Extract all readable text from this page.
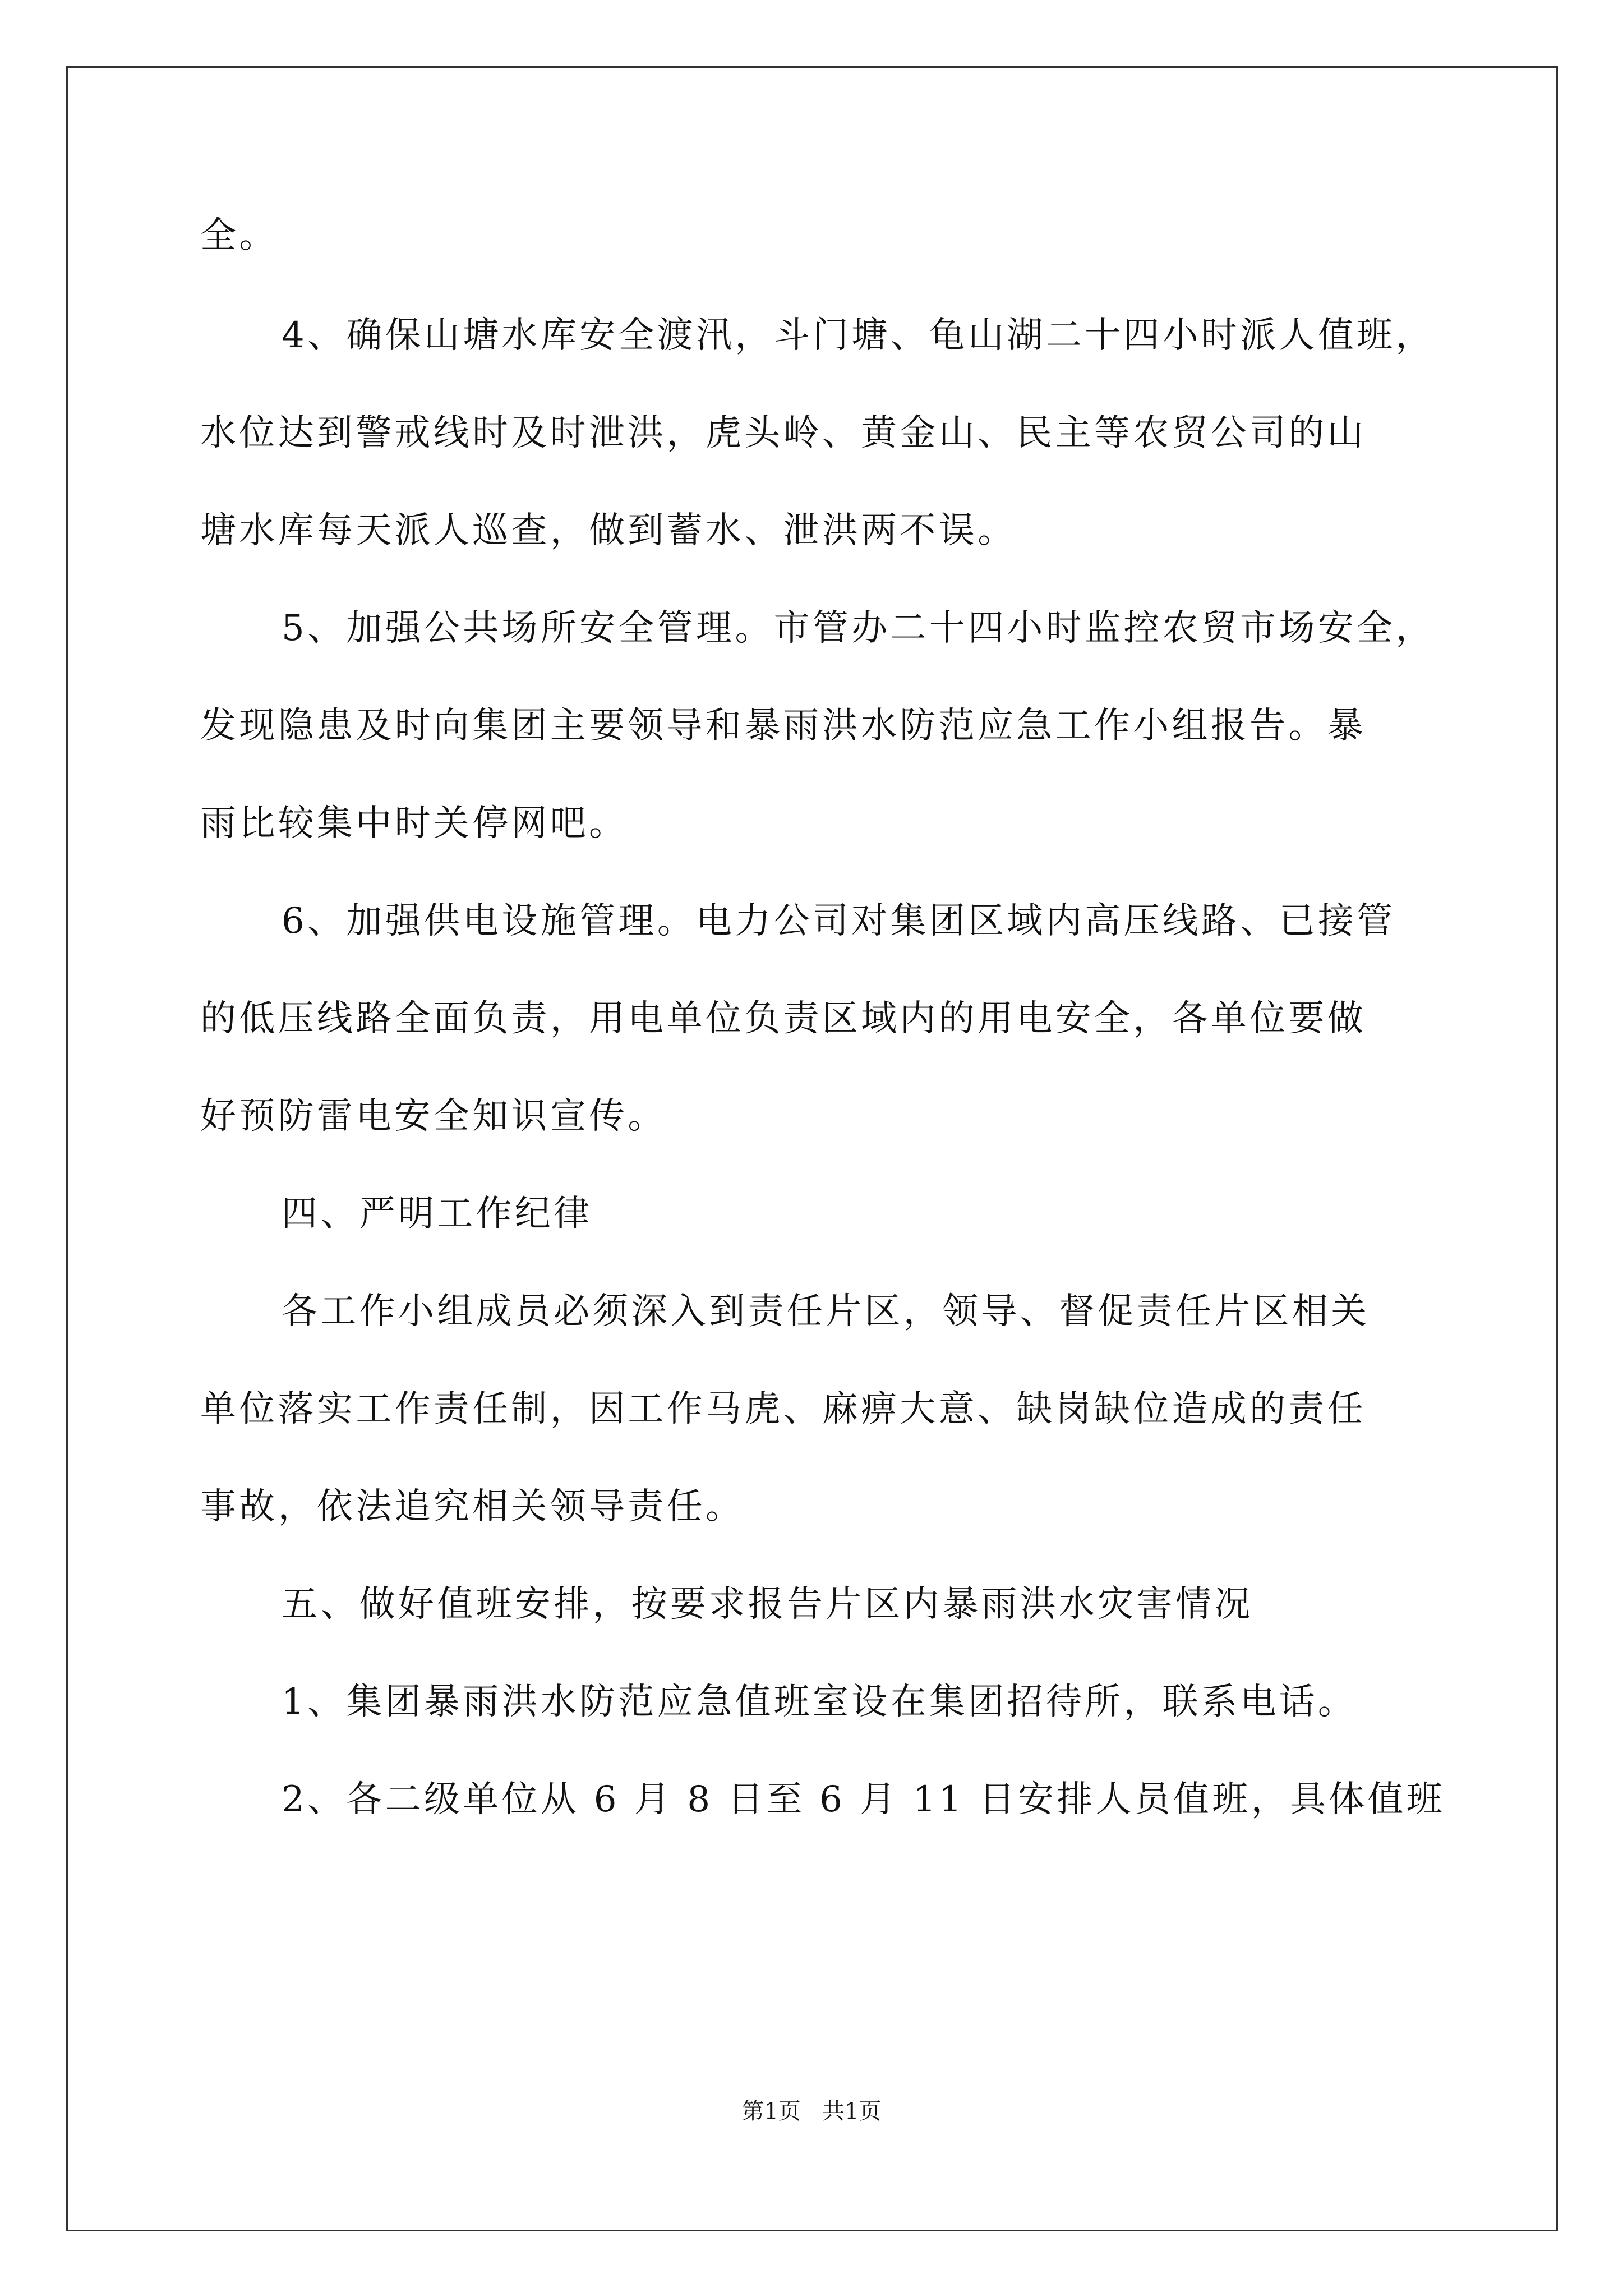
全。
4、确保山塘水库安全渡汛，斗门塘、龟山湖二十四小时派人值班，
水位达到警戒线时及时泄洪，虎头岭、黄金山、民主等农贸公司的山
塘水库每天派人巡查，做到蓄水、泄洪两不误。
5、加强公共场所安全管理。市管办二十四小时监控农贸市场安全，
发现隐患及时向集团主要领导和暴雨洪水防范应急工作小组报告。暴
雨比较集中时关停网吧。
6、加强供电设施管理。电力公司对集团区域内高压线路、已接管
的低压线路全面负责，用电单位负责区域内的用电安全，各单位要做
好预防雷电安全知识宣传。
四、严明工作纪律
各工作小组成员必须深入到责任片区，领导、督促责任片区相关
单位落实工作责任制，因工作马虎、麻痹大意、缺岗缺位造成的责任
事故，依法追究相关领导责任。
五、做好值班安排，按要求报告片区内暴雨洪水灾害情况
1、集团暴雨洪水防范应急值班室设在集团招待所，联系电话。
2、各二级单位从 6 月 8 日至 6 月 11 日安排人员值班，具体值班
第1页   共1页
